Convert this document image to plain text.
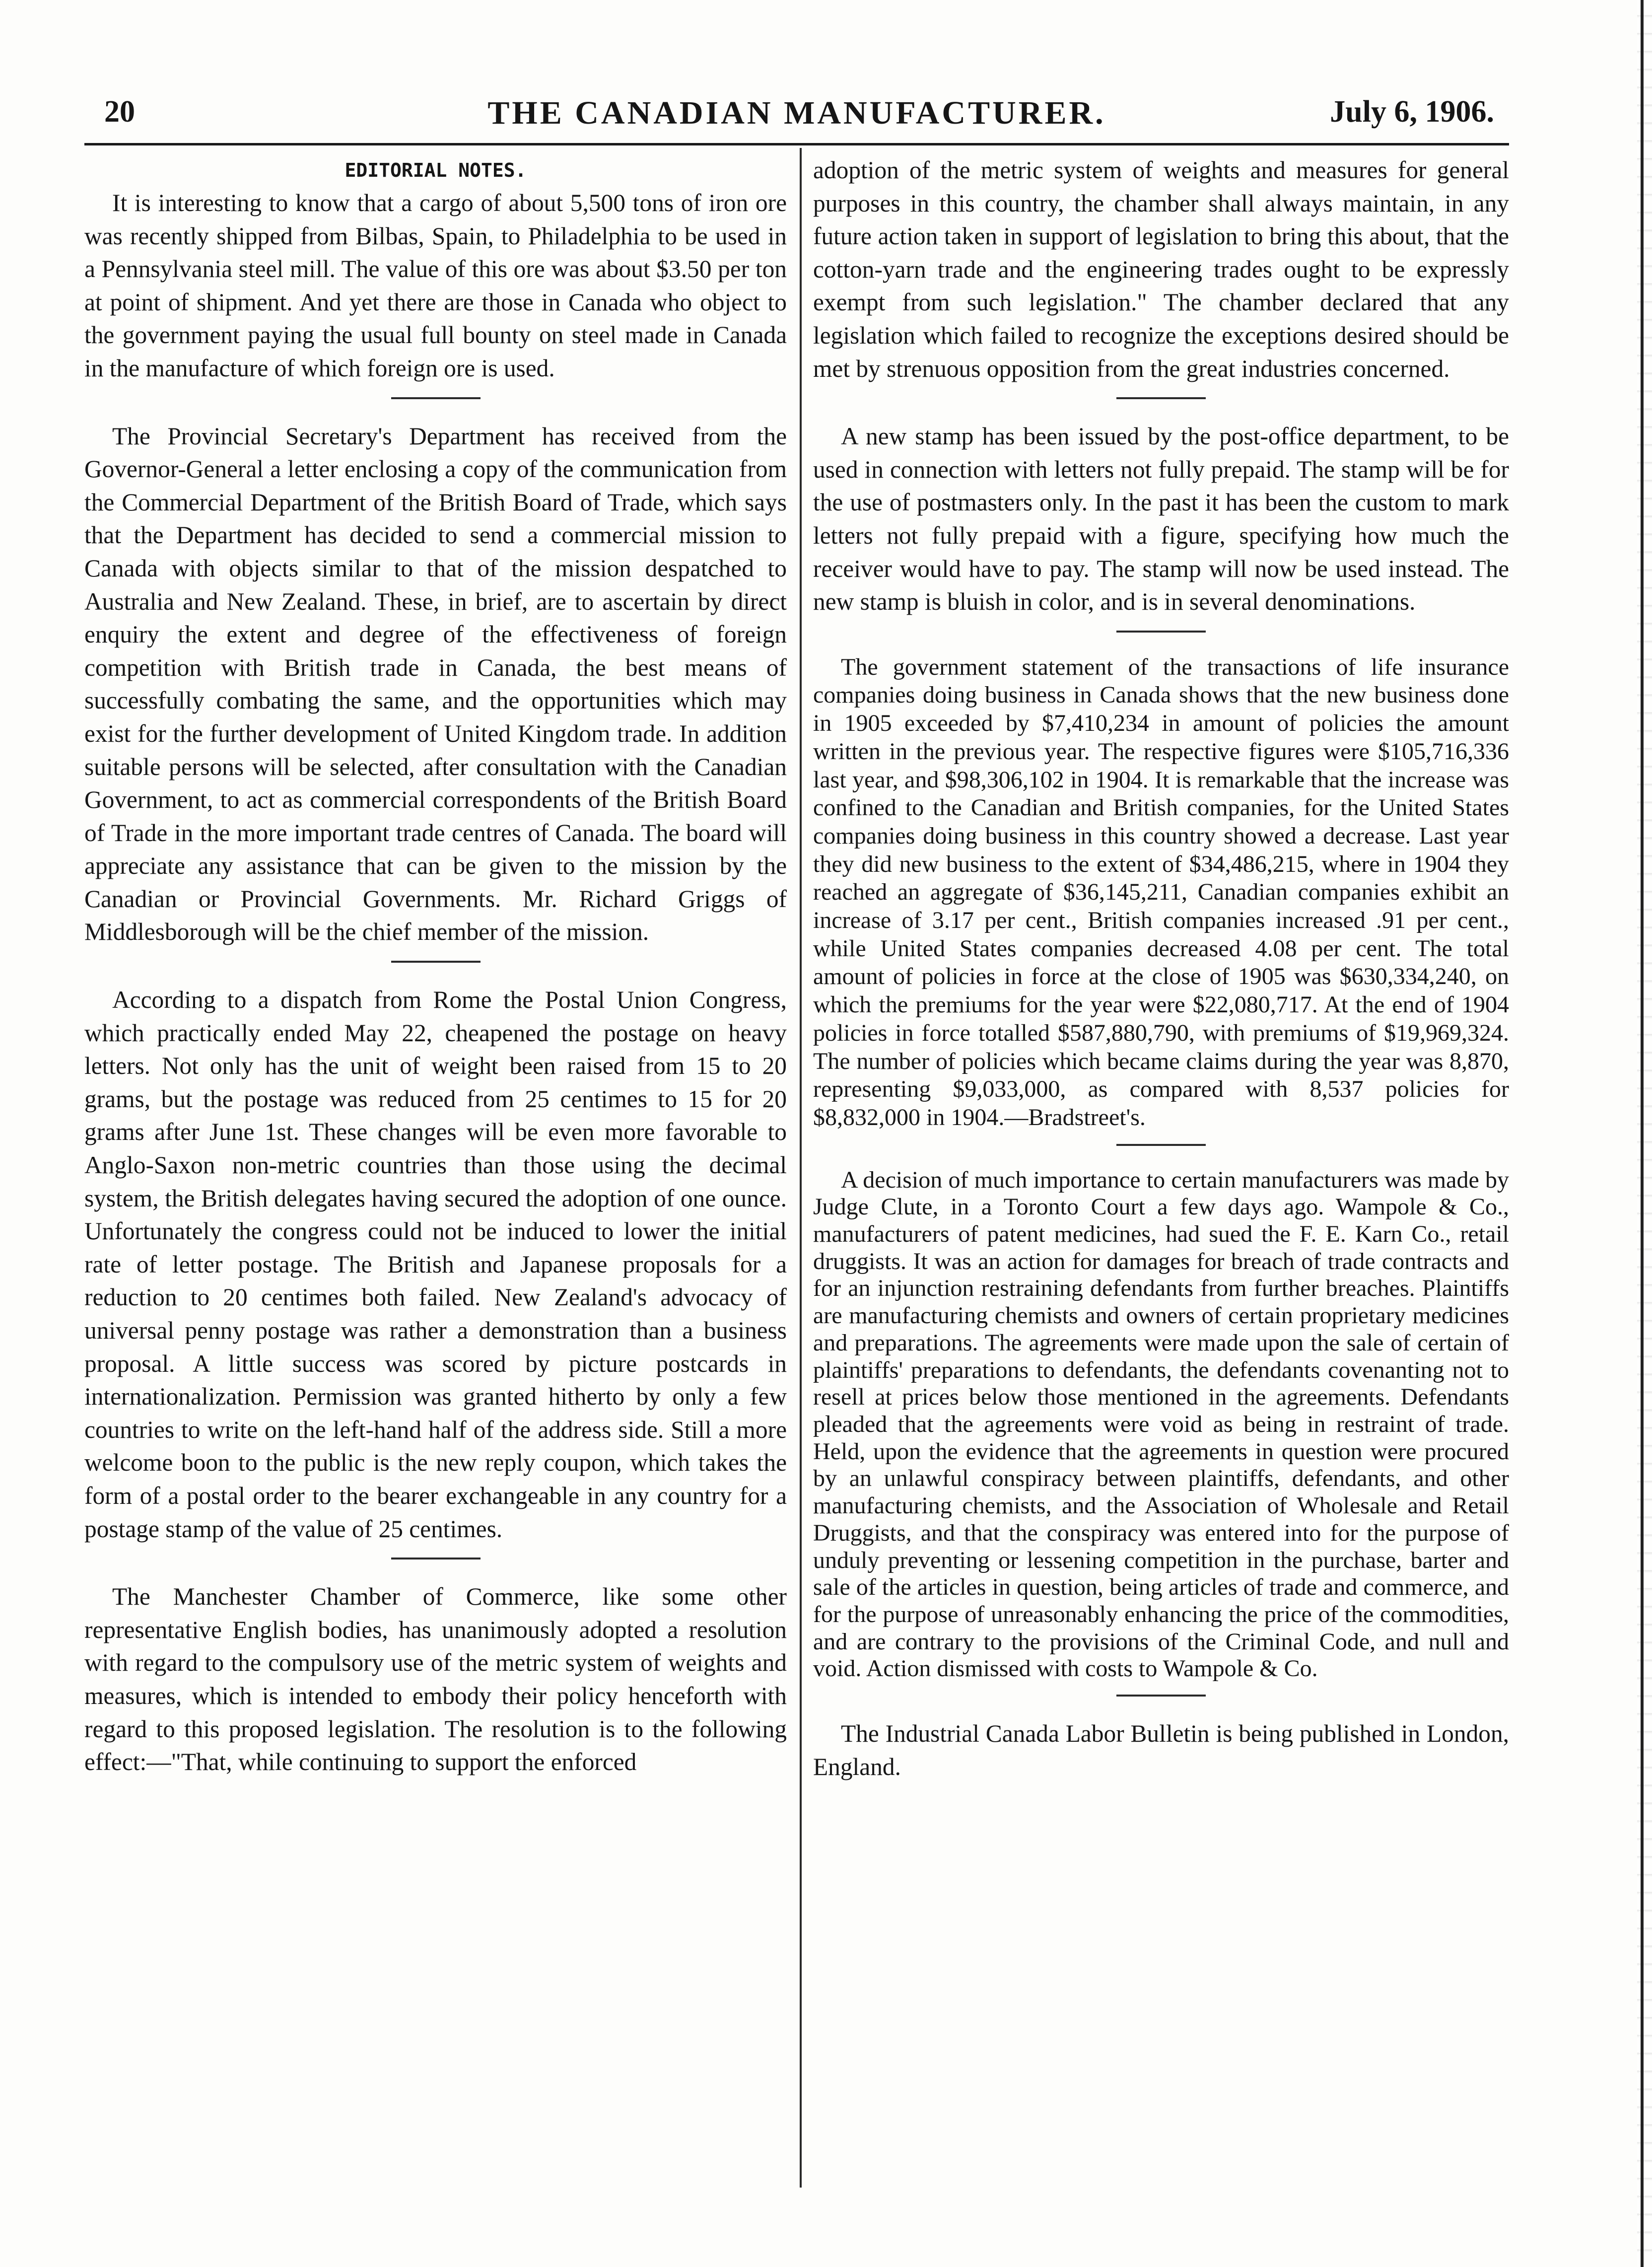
20	THE CANADIAN MANUFACTURER.	July 6, 1906.
EDITORIAL NOTES.

It is interesting to know that a cargo of about 5,500 tons of iron ore was recently shipped from Bilbas, Spain, to Philadelphia to be used in a Pennsylvania steel mill. The value of this ore was about $3.50 per ton at point of shipment. And yet there are those in Canada who object to the government paying the usual full bounty on steel made in Canada in the manufacture of which foreign ore is used.

The Provincial Secretary's Department has received from the Governor-General a letter enclosing a copy of the communication from the Commercial Department of the British Board of Trade, which says that the Department has decided to send a commercial mission to Canada with objects similar to that of the mission despatched to Australia and New Zealand. These, in brief, are to ascertain by direct enquiry the extent and degree of the effectiveness of foreign competition with British trade in Canada, the best means of successfully combating the same, and the opportunities which may exist for the further development of United Kingdom trade. In addition suitable persons will be selected, after consultation with the Canadian Government, to act as commercial correspondents of the British Board of Trade in the more important trade centres of Canada. The board will appreciate any assistance that can be given to the mission by the Canadian or Provincial Governments. Mr. Richard Griggs of Middlesborough will be the chief member of the mission.

According to a dispatch from Rome the Postal Union Congress, which practically ended May 22, cheapened the postage on heavy letters. Not only has the unit of weight been raised from 15 to 20 grams, but the postage was reduced from 25 centimes to 15 for 20 grams after June 1st. These changes will be even more favorable to Anglo-Saxon non-metric countries than those using the decimal system, the British delegates having secured the adoption of one ounce. Unfortunately the congress could not be induced to lower the initial rate of letter postage. The British and Japanese proposals for a reduction to 20 centimes both failed. New Zealand's advocacy of universal penny postage was rather a demonstration than a business proposal. A little success was scored by picture postcards in internationalization. Permission was granted hitherto by only a few countries to write on the left-hand half of the address side. Still a more welcome boon to the public is the new reply coupon, which takes the form of a postal order to the bearer exchangeable in any country for a postage stamp of the value of 25 centimes.

The Manchester Chamber of Commerce, like some other representative English bodies, has unanimously adopted a resolution with regard to the compulsory use of the metric system of weights and measures, which is intended to embody their policy henceforth with regard to this proposed legislation. The resolution is to the following effect:—"That, while continuing to support the enforced

adoption of the metric system of weights and measures for general purposes in this country, the chamber shall always maintain, in any future action taken in support of legislation to bring this about, that the cotton-yarn trade and the engineering trades ought to be expressly exempt from such legislation." The chamber declared that any legislation which failed to recognize the exceptions desired should be met by strenuous opposition from the great industries concerned.

A new stamp has been issued by the post-office department, to be used in connection with letters not fully prepaid. The stamp will be for the use of postmasters only. In the past it has been the custom to mark letters not fully prepaid with a figure, specifying how much the receiver would have to pay. The stamp will now be used instead. The new stamp is bluish in color, and is in several denominations.

The government statement of the transactions of life insurance companies doing business in Canada shows that the new business done in 1905 exceeded by $7,410,234 in amount of policies the amount written in the previous year. The respective figures were $105,716,336 last year, and $98,306,102 in 1904. It is remarkable that the increase was confined to the Canadian and British companies, for the United States companies doing business in this country showed a decrease. Last year they did new business to the extent of $34,486,215, where in 1904 they reached an aggregate of $36,145,211, Canadian companies exhibit an increase of 3.17 per cent., British companies increased .91 per cent., while United States companies decreased 4.08 per cent. The total amount of policies in force at the close of 1905 was $630,334,240, on which the premiums for the year were $22,080,717. At the end of 1904 policies in force totalled $587,880,790, with premiums of $19,969,324. The number of policies which became claims during the year was 8,870, representing $9,033,000, as compared with 8,537 policies for $8,832,000 in 1904.—Bradstreet's.

A decision of much importance to certain manufacturers was made by Judge Clute, in a Toronto Court a few days ago. Wampole & Co., manufacturers of patent medicines, had sued the F. E. Karn Co., retail druggists. It was an action for damages for breach of trade contracts and for an injunction restraining defendants from further breaches. Plaintiffs are manufacturing chemists and owners of certain proprietary medicines and preparations. The agreements were made upon the sale of certain of plaintiffs' preparations to defendants, the defendants covenanting not to resell at prices below those mentioned in the agreements. Defendants pleaded that the agreements were void as being in restraint of trade. Held, upon the evidence that the agreements in question were procured by an unlawful conspiracy between plaintiffs, defendants, and other manufacturing chemists, and the Association of Wholesale and Retail Druggists, and that the conspiracy was entered into for the purpose of unduly preventing or lessening competition in the purchase, barter and sale of the articles in question, being articles of trade and commerce, and for the purpose of unreasonably enhancing the price of the commodities, and are contrary to the provisions of the Criminal Code, and null and void. Action dismissed with costs to Wampole & Co.

The Industrial Canada Labor Bulletin is being published in London, England.
